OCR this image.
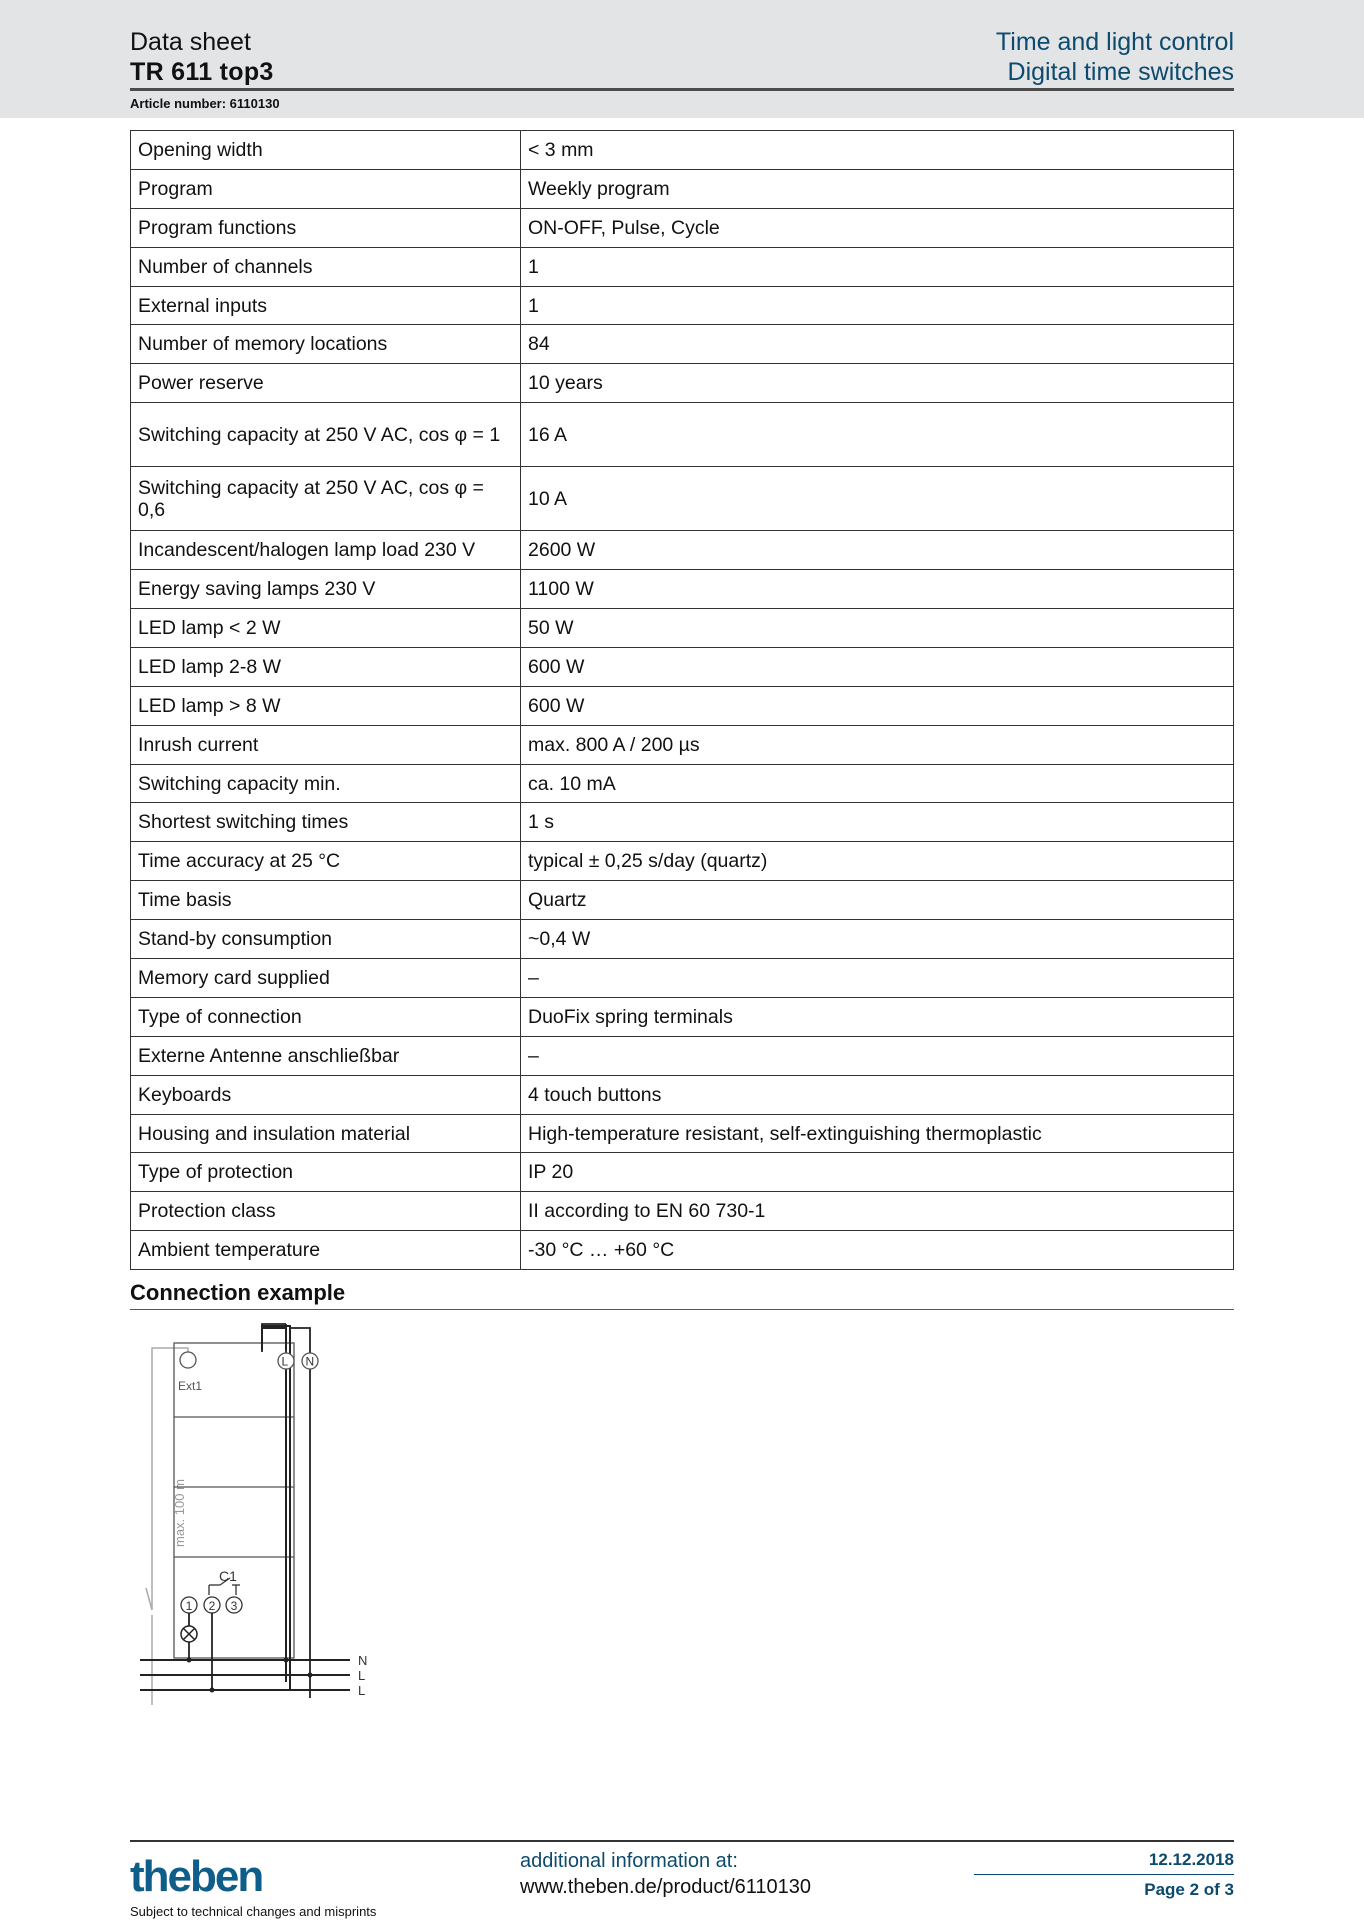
Data sheet
TR 611 top3
Time and light control
Digital time switches
Article number: 6110130
Opening width	< 3 mm
Program	Weekly program
Program functions	ON-OFF, Pulse, Cycle
Number of channels	1
External inputs	1
Number of memory locations	84
Power reserve	10 years
Switching capacity at 250 V AC, cos φ = 1	16 A
Switching capacity at 250 V AC, cos φ = 0,6	10 A
Incandescent/halogen lamp load 230 V	2600 W
Energy saving lamps 230 V	1100 W
LED lamp < 2 W	50 W
LED lamp 2-8 W	600 W
LED lamp > 8 W	600 W
Inrush current	max. 800 A / 200 µs
Switching capacity min.	ca. 10 mA
Shortest switching times	1 s
Time accuracy at 25 °C	typical ± 0,25 s/day (quartz)
Time basis	Quartz
Stand-by consumption	~0,4 W
Memory card supplied	–
Type of connection	DuoFix spring terminals
Externe Antenne anschließbar	–
Keyboards	4 touch buttons
Housing and insulation material	High-temperature resistant, self-extinguishing thermoplastic
Type of protection	IP 20
Protection class	II according to EN 60 730-1
Ambient temperature	-30 °C … +60 °C
Connection example
max. 100 m
Ext1
L N
C1
1 2 3
N
L
L
theben
Subject to technical changes and misprints
additional information at:
www.theben.de/product/6110130
12.12.2018
Page 2 of 3
